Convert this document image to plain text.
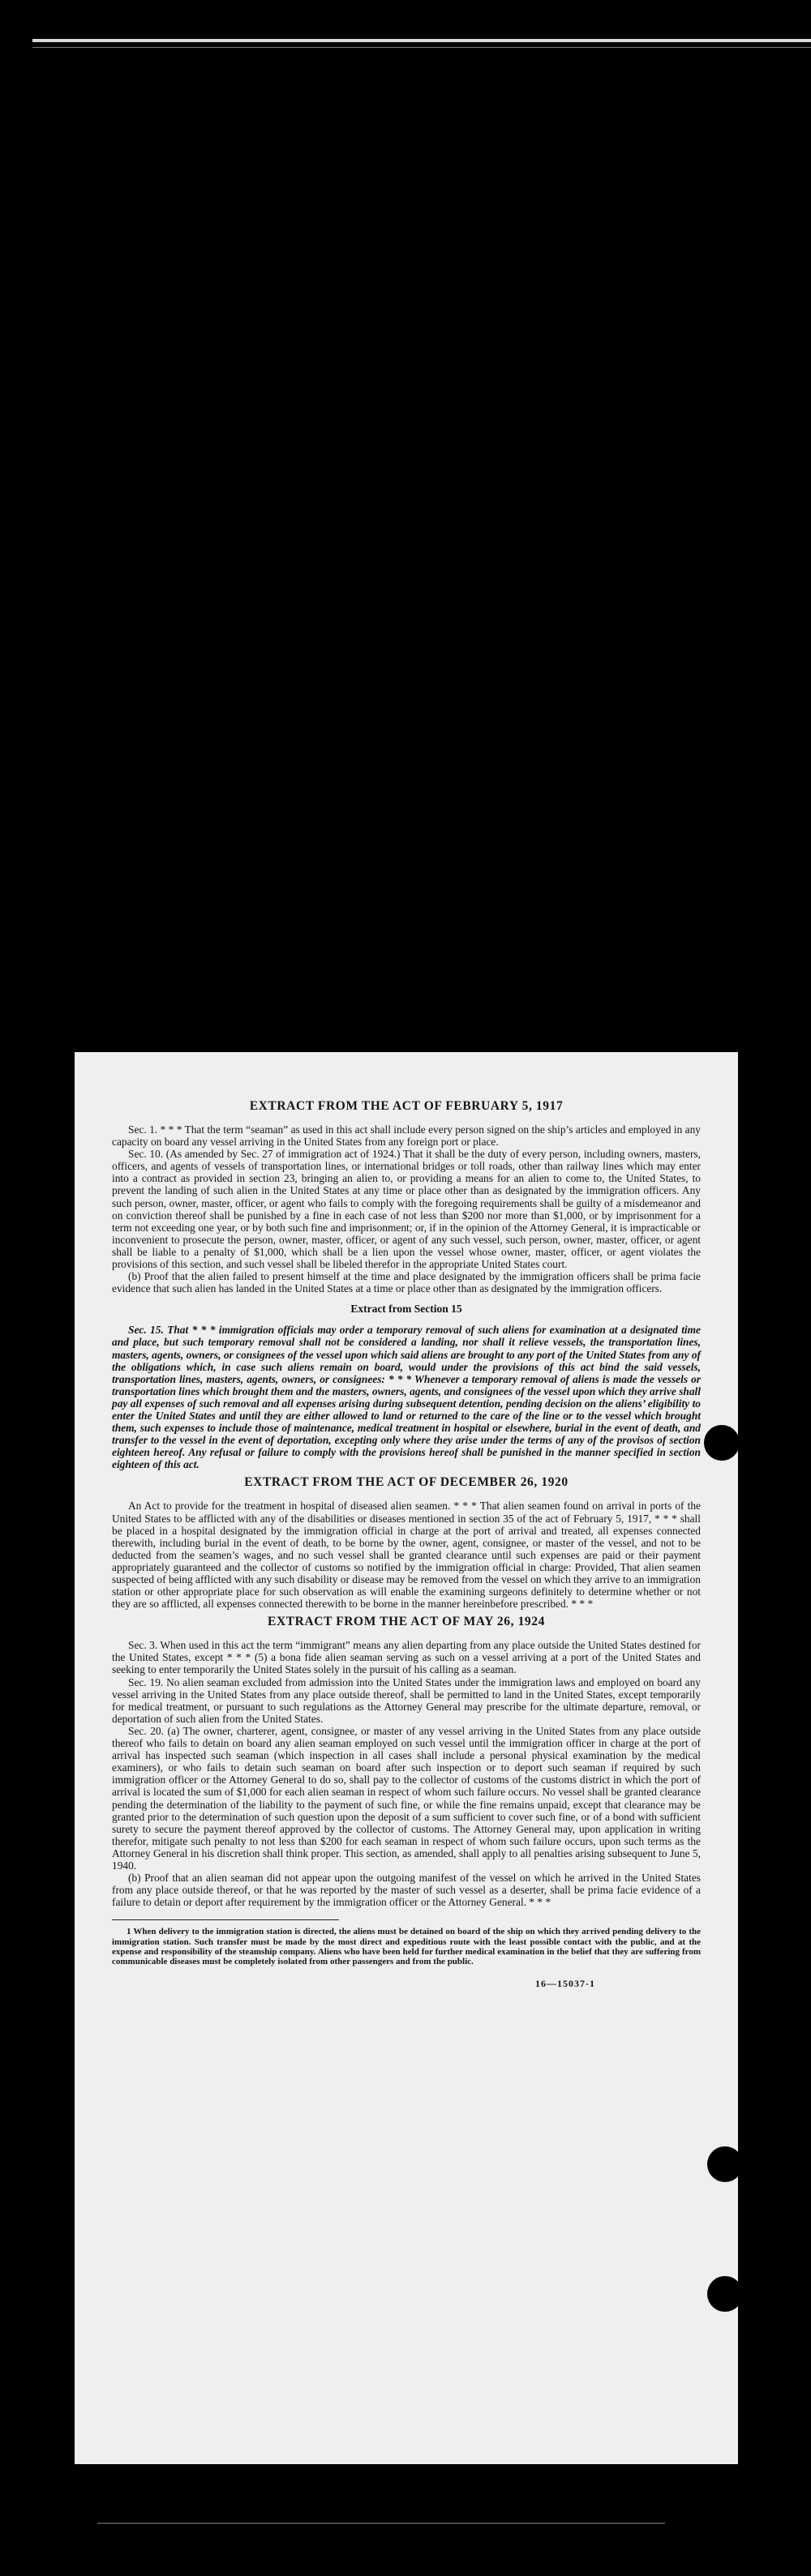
EXTRACT FROM THE ACT OF FEBRUARY 5, 1917

Sec. 1. * * * That the term “seaman” as used in this act shall include every person signed on the ship’s articles and employed in any capacity on board any vessel arriving in the United States from any foreign port or place.

Sec. 10. (As amended by Sec. 27 of immigration act of 1924.) That it shall be the duty of every person, including owners, masters, officers, and agents of vessels of transportation lines, or international bridges or toll roads, other than railway lines which may enter into a contract as provided in section 23, bringing an alien to, or providing a means for an alien to come to, the United States, to prevent the landing of such alien in the United States at any time or place other than as designated by the immigration officers. Any such person, owner, master, officer, or agent who fails to comply with the foregoing requirements shall be guilty of a misdemeanor and on conviction thereof shall be punished by a fine in each case of not less than $200 nor more than $1,000, or by imprisonment for a term not exceeding one year, or by both such fine and imprisonment; or, if in the opinion of the Attorney General, it is impracticable or inconvenient to prosecute the person, owner, master, officer, or agent of any such vessel, such person, owner, master, officer, or agent shall be liable to a penalty of $1,000, which shall be a lien upon the vessel whose owner, master, officer, or agent violates the provisions of this section, and such vessel shall be libeled therefor in the appropriate United States court.

(b) Proof that the alien failed to present himself at the time and place designated by the immigration officers shall be prima facie evidence that such alien has landed in the United States at a time or place other than as designated by the immigration officers.

Extract from Section 15

Sec. 15. That * * * immigration officials may order a temporary removal of such aliens for examination at a designated time and place, but such temporary removal shall not be considered a landing, nor shall it relieve vessels, the transportation lines, masters, agents, owners, or consignees of the vessel upon which said aliens are brought to any port of the United States from any of the obligations which, in case such aliens remain on board, would under the provisions of this act bind the said vessels, transportation lines, masters, agents, owners, or consignees: * * * Whenever a temporary removal of aliens is made the vessels or transportation lines which brought them and the masters, owners, agents, and consignees of the vessel upon which they arrive shall pay all expenses of such removal and all expenses arising during subsequent detention, pending decision on the aliens’ eligibility to enter the United States and until they are either allowed to land or returned to the care of the line or to the vessel which brought them, such expenses to include those of maintenance, medical treatment in hospital or elsewhere, burial in the event of death, and transfer to the vessel in the event of deportation, excepting only where they arise under the terms of any of the provisos of section eighteen hereof. Any refusal or failure to comply with the provisions hereof shall be punished in the manner specified in section eighteen of this act.

EXTRACT FROM THE ACT OF DECEMBER 26, 1920

An Act to provide for the treatment in hospital of diseased alien seamen. * * * That alien seamen found on arrival in ports of the United States to be afflicted with any of the disabilities or diseases mentioned in section 35 of the act of February 5, 1917, * * * shall be placed in a hospital designated by the immigration official in charge at the port of arrival and treated, all expenses connected therewith, including burial in the event of death, to be borne by the owner, agent, consignee, or master of the vessel, and not to be deducted from the seamen’s wages, and no such vessel shall be granted clearance until such expenses are paid or their payment appropriately guaranteed and the collector of customs so notified by the immigration official in charge: Provided, That alien seamen suspected of being afflicted with any such disability or disease may be removed from the vessel on which they arrive to an immigration station or other appropriate place for such observation as will enable the examining surgeons definitely to determine whether or not they are so afflicted, all expenses connected therewith to be borne in the manner hereinbefore prescribed. * * *

EXTRACT FROM THE ACT OF MAY 26, 1924

Sec. 3. When used in this act the term “immigrant” means any alien departing from any place outside the United States destined for the United States, except * * * (5) a bona fide alien seaman serving as such on a vessel arriving at a port of the United States and seeking to enter temporarily the United States solely in the pursuit of his calling as a seaman.

Sec. 19. No alien seaman excluded from admission into the United States under the immigration laws and employed on board any vessel arriving in the United States from any place outside thereof, shall be permitted to land in the United States, except temporarily for medical treatment, or pursuant to such regulations as the Attorney General may prescribe for the ultimate departure, removal, or deportation of such alien from the United States.

Sec. 20. (a) The owner, charterer, agent, consignee, or master of any vessel arriving in the United States from any place outside thereof who fails to detain on board any alien seaman employed on such vessel until the immigration officer in charge at the port of arrival has inspected such seaman (which inspection in all cases shall include a personal physical examination by the medical examiners), or who fails to detain such seaman on board after such inspection or to deport such seaman if required by such immigration officer or the Attorney General to do so, shall pay to the collector of customs of the customs district in which the port of arrival is located the sum of $1,000 for each alien seaman in respect of whom such failure occurs. No vessel shall be granted clearance pending the determination of the liability to the payment of such fine, or while the fine remains unpaid, except that clearance may be granted prior to the determination of such question upon the deposit of a sum sufficient to cover such fine, or of a bond with sufficient surety to secure the payment thereof approved by the collector of customs. The Attorney General may, upon application in writing therefor, mitigate such penalty to not less than $200 for each seaman in respect of whom such failure occurs, upon such terms as the Attorney General in his discretion shall think proper. This section, as amended, shall apply to all penalties arising subsequent to June 5, 1940.

(b) Proof that an alien seaman did not appear upon the outgoing manifest of the vessel on which he arrived in the United States from any place outside thereof, or that he was reported by the master of such vessel as a deserter, shall be prima facie evidence of a failure to detain or deport after requirement by the immigration officer or the Attorney General. * * *

1 When delivery to the immigration station is directed, the aliens must be detained on board of the ship on which they arrived pending delivery to the immigration station. Such transfer must be made by the most direct and expeditious route with the least possible contact with the public, and at the expense and responsibility of the steamship company. Aliens who have been held for further medical examination in the belief that they are suffering from communicable diseases must be completely isolated from other passengers and from the public.

16—15037-1
